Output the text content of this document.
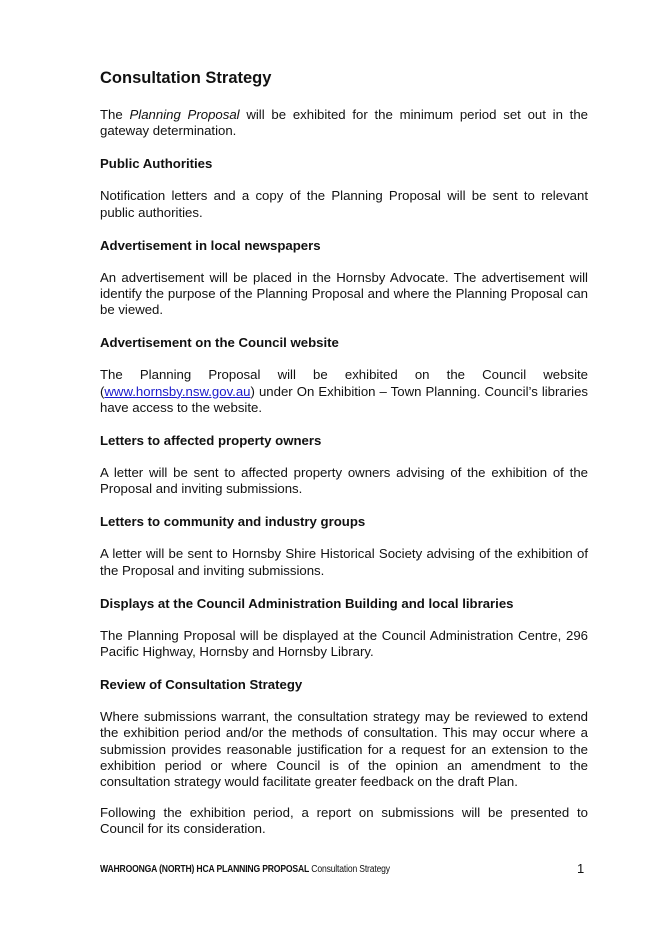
Consultation Strategy

The Planning Proposal will be exhibited for the minimum period set out in the gateway determination.

Public Authorities

Notification letters and a copy of the Planning Proposal will be sent to relevant public authorities.

Advertisement in local newspapers

An advertisement will be placed in the Hornsby Advocate. The advertisement will identify the purpose of the Planning Proposal and where the Planning Proposal can be viewed.

Advertisement on the Council website

The Planning Proposal will be exhibited on the Council website (www.hornsby.nsw.gov.au) under On Exhibition – Town Planning. Council’s libraries have access to the website.

Letters to affected property owners

A letter will be sent to affected property owners advising of the exhibition of the Proposal and inviting submissions.

Letters to community and industry groups

A letter will be sent to Hornsby Shire Historical Society advising of the exhibition of the Proposal and inviting submissions.

Displays at the Council Administration Building and local libraries

The Planning Proposal will be displayed at the Council Administration Centre, 296 Pacific Highway, Hornsby and Hornsby Library.

Review of Consultation Strategy

Where submissions warrant, the consultation strategy may be reviewed to extend the exhibition period and/or the methods of consultation. This may occur where a submission provides reasonable justification for a request for an extension to the exhibition period or where Council is of the opinion an amendment to the consultation strategy would facilitate greater feedback on the draft Plan.

Following the exhibition period, a report on submissions will be presented to Council for its consideration.

WAHROONGA (NORTH) HCA PLANNING PROPOSAL Consultation Strategy	1
